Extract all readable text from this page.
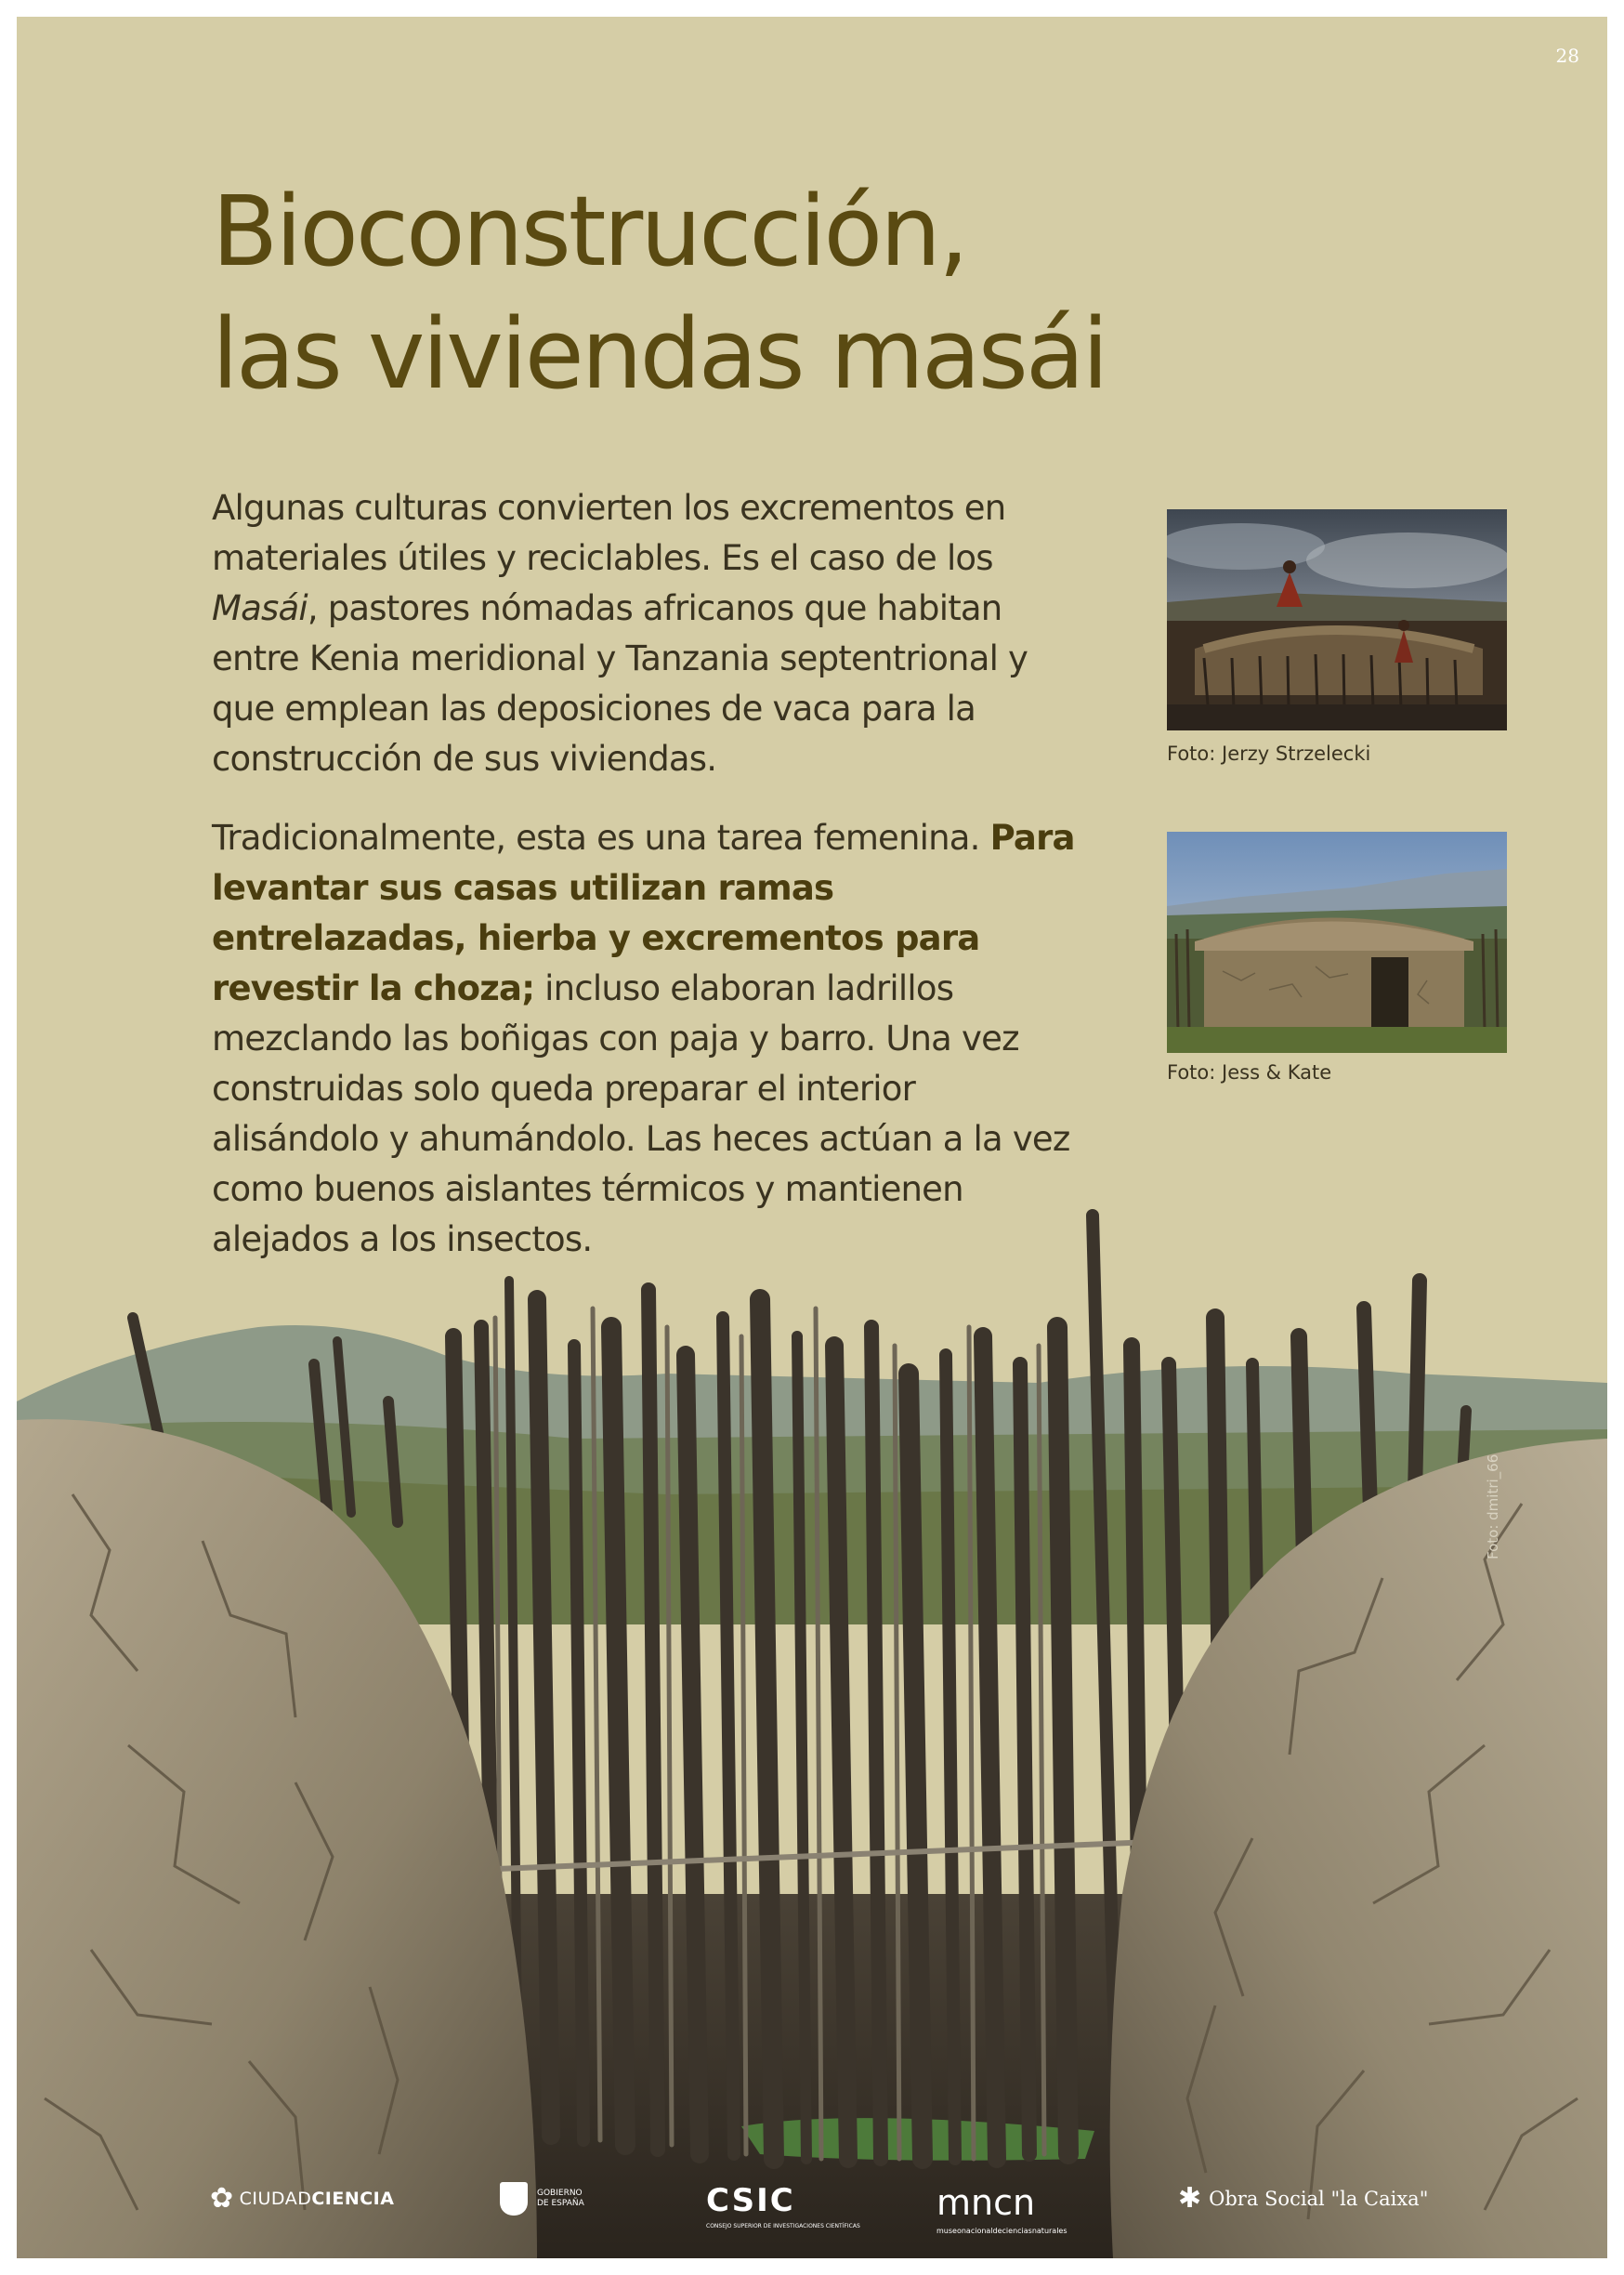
28
Bioconstrucción,
las viviendas masái

Algunas culturas convierten los excrementos en materiales útiles y reciclables. Es el caso de los Masái, pastores nómadas africanos que habitan entre Kenia meridional y Tanzania septentrional y que emplean las deposiciones de vaca para la construcción de sus viviendas.

Tradicionalmente, esta es una tarea femenina. Para levantar sus casas utilizan ramas entrelazadas, hierba y excrementos para revestir la choza; incluso elaboran ladrillos mezclando las boñigas con paja y barro. Una vez construidas solo queda preparar el interior alisándolo y ahumándolo. Las heces actúan a la vez como buenos aislantes térmicos y mantienen alejados a los insectos.

Foto: Jerzy Strzelecki
Foto: Jess & Kate
Foto: dmitri_66
✿ CIUDAD CIENCIA	GOBIERNO
DE ESPAÑA	CSIC
CONSEJO SUPERIOR DE INVESTIGACIONES CIENTÍFICAS
mncn
museonacionaldecienciasnaturales
✱ Obra Social "la Caixa"
